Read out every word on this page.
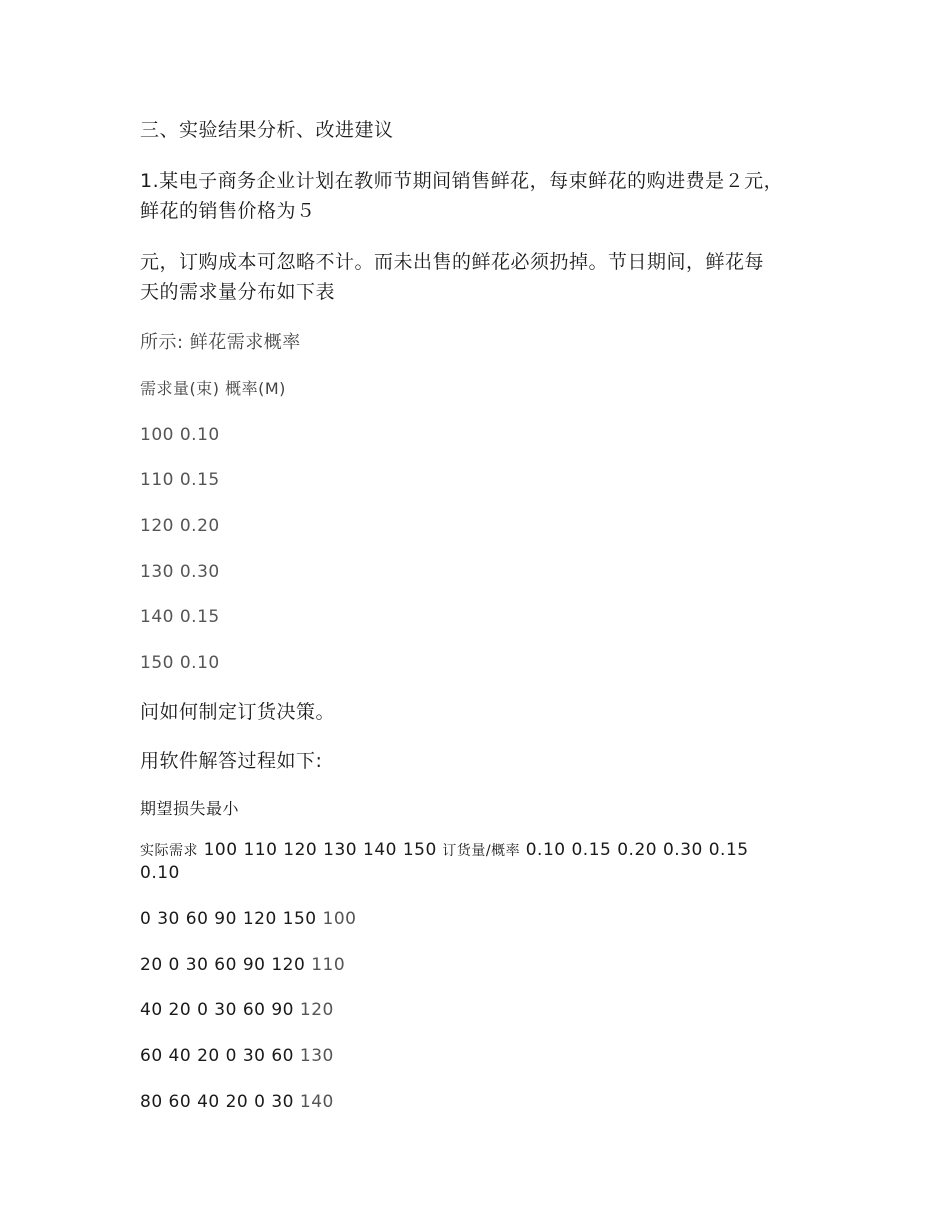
三、实验结果分析、改进建议
1.某电子商务企业计划在教师节期间销售鲜花，每束鲜花的购进费是２元，
鲜花的销售价格为５
元，订购成本可忽略不计。而未出售的鲜花必须扔掉。节日期间，鲜花每
天的需求量分布如下表
所示: 鲜花需求概率
需求量(束) 概率(M)
100 0.10
110 0.15
120 0.20
130 0.30
140 0.15
150 0.10
问如何制定订货决策。
用软件解答过程如下:
期望损失最小
实际需求 100 110 120 130 140 150 订货量/概率 0.10 0.15 0.20 0.30 0.15
0.10
0 30 60 90 120 150 100
20 0 30 60 90 120 110
40 20 0 30 60 90 120
60 40 20 0 30 60 130
80 60 40 20 0 30 140
